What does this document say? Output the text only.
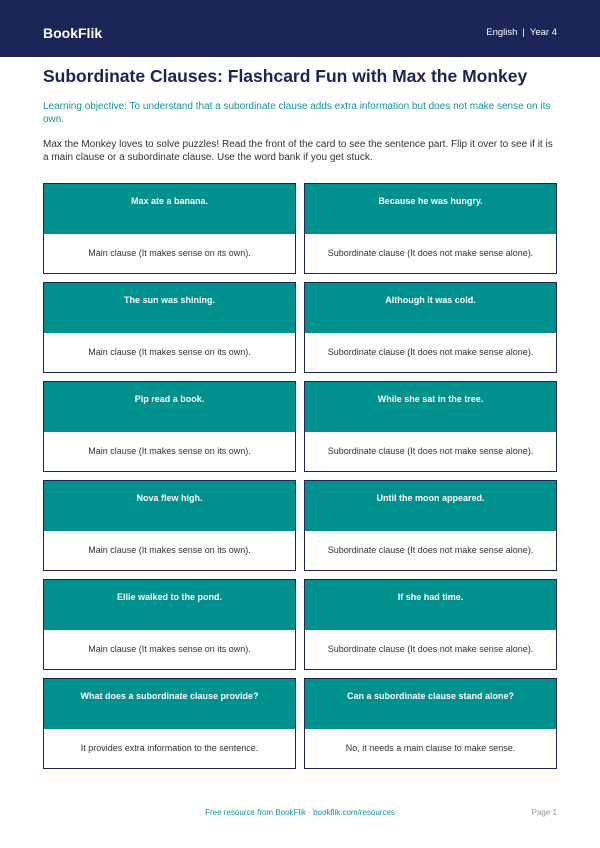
BookFlik	English | Year 4
Subordinate Clauses: Flashcard Fun with Max the Monkey

Learning objective: To understand that a subordinate clause adds extra information but does not make sense on its own.

Max the Monkey loves to solve puzzles! Read the front of the card to see the sentence part. Flip it over to see if it is a main clause or a subordinate clause. Use the word bank if you get stuck.

Max ate a banana.
Main clause (It makes sense on its own).
Because he was hungry.
Subordinate clause (It does not make sense alone).
The sun was shining.
Main clause (It makes sense on its own).
Although it was cold.
Subordinate clause (It does not make sense alone).
Pip read a book.
Main clause (It makes sense on its own).
While she sat in the tree.
Subordinate clause (It does not make sense alone).
Nova flew high.
Main clause (It makes sense on its own).
Until the moon appeared.
Subordinate clause (It does not make sense alone).
Ellie walked to the pond.
Main clause (It makes sense on its own).
If she had time.
Subordinate clause (It does not make sense alone).
What does a subordinate clause provide?
It provides extra information to the sentence.
Can a subordinate clause stand alone?
No, it needs a main clause to make sense.
Free resource from BookFlik · bookflik.com/resources	Page 1
